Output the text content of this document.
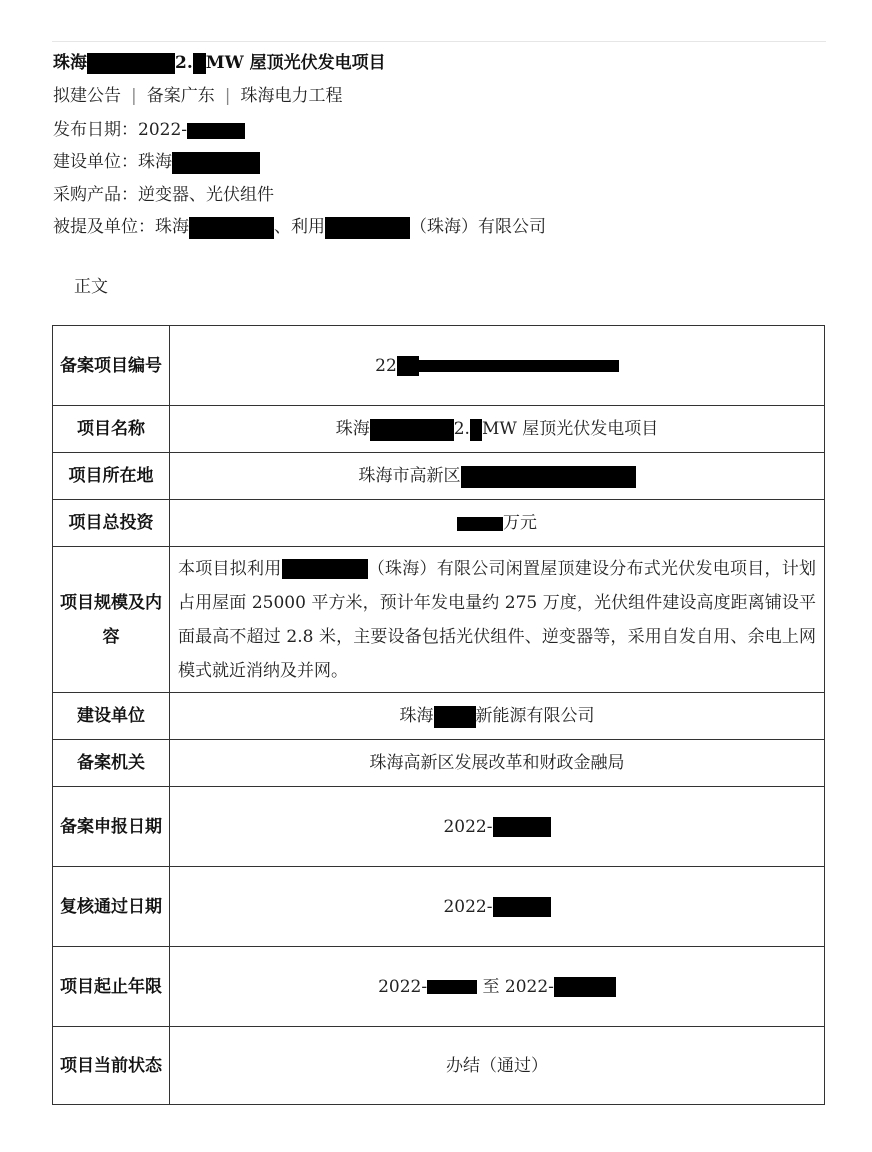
珠海	2. MW 屋顶光伏发电项目
拟建公告 | 备案广东 | 珠海电力工程
发布日期：2022-
建设单位：珠海
采购产品：逆变器、光伏组件
被提及单位：珠海	、利用	（珠海）有限公司
正文
备案项目编号	22
项目名称	珠海 2. MW 屋顶光伏发电项目
项目所在地	珠海市高新区
项目总投资	万元
项目规模及内容	本项目拟利用 （珠海）有限公司闲置屋顶建设分布式光伏发电项目，计划占用屋面 25000 平方米，预计年发电量约 275 万度，光伏组件建设高度距离铺设平面最高不超过 2.8 米，主要设备包括光伏组件、逆变器等，采用自发自用、余电上网模式就近消纳及并网。
建设单位	珠海 新能源有限公司
备案机关	珠海高新区发展改革和财政金融局
备案申报日期	2022-
复核通过日期	2022-
项目起止年限	2022- 至 2022-
项目当前状态	办结（通过）
